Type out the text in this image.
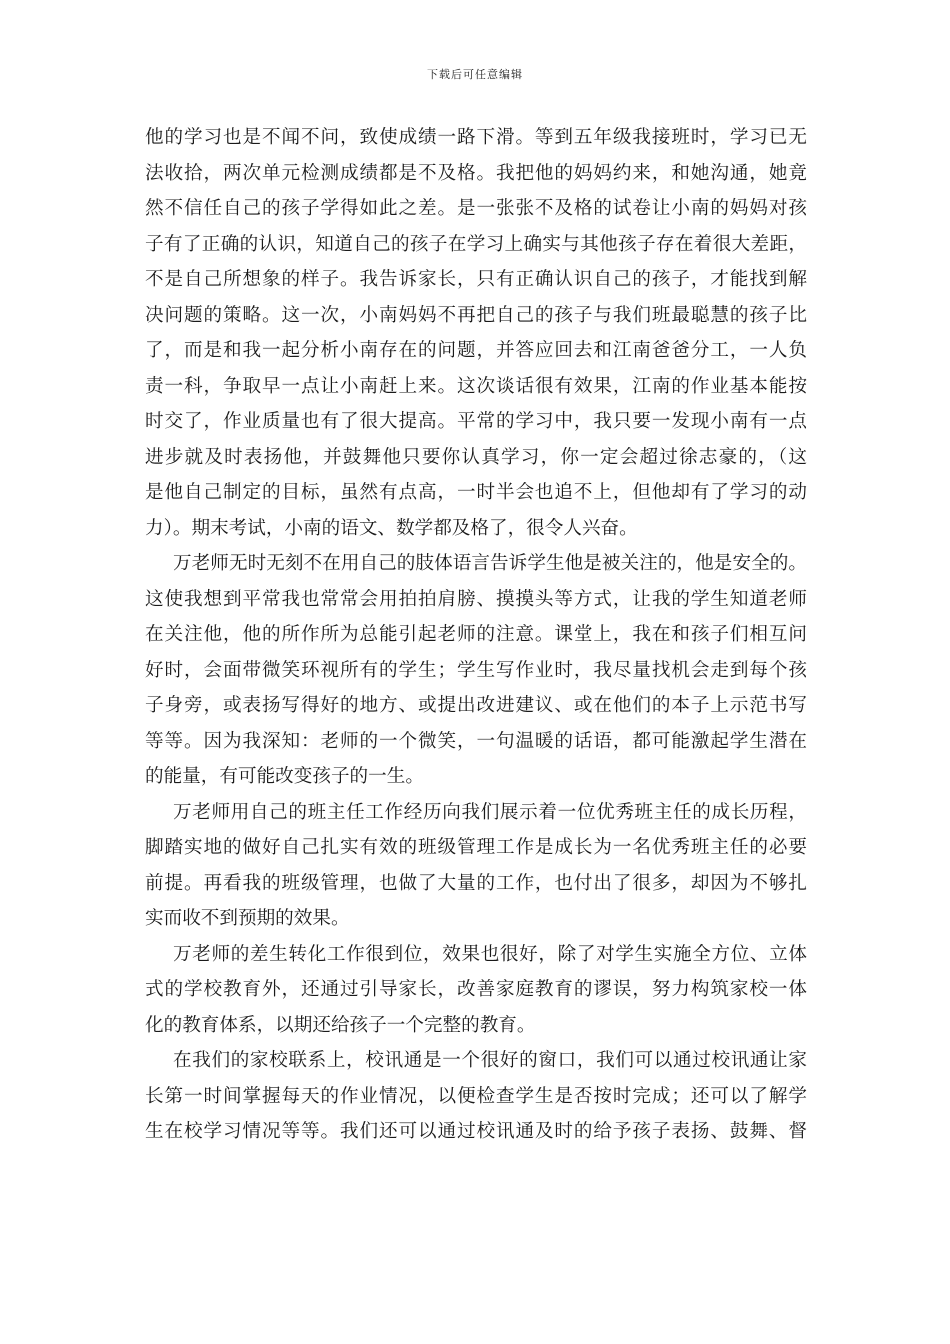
下载后可任意编辑
他的学习也是不闻不问，致使成绩一路下滑。等到五年级我接班时，学习已无
法收拾，两次单元检测成绩都是不及格。我把他的妈妈约来，和她沟通，她竟
然不信任自己的孩子学得如此之差。是一张张不及格的试卷让小南的妈妈对孩
子有了正确的认识，知道自己的孩子在学习上确实与其他孩子存在着很大差距，
不是自己所想象的样子。我告诉家长，只有正确认识自己的孩子，才能找到解
决问题的策略。这一次，小南妈妈不再把自己的孩子与我们班最聪慧的孩子比
了，而是和我一起分析小南存在的问题，并答应回去和江南爸爸分工，一人负
责一科，争取早一点让小南赶上来。这次谈话很有效果，江南的作业基本能按
时交了，作业质量也有了很大提高。平常的学习中，我只要一发现小南有一点
进步就及时表扬他，并鼓舞他只要你认真学习，你一定会超过徐志豪的，（这
是他自己制定的目标，虽然有点高，一时半会也追不上，但他却有了学习的动
力）。期末考试，小南的语文、数学都及格了，很令人兴奋。
万老师无时无刻不在用自己的肢体语言告诉学生他是被关注的，他是安全的。
这使我想到平常我也常常会用拍拍肩膀、摸摸头等方式，让我的学生知道老师
在关注他，他的所作所为总能引起老师的注意。课堂上，我在和孩子们相互问
好时，会面带微笑环视所有的学生；学生写作业时，我尽量找机会走到每个孩
子身旁，或表扬写得好的地方、或提出改进建议、或在他们的本子上示范书写
等等。因为我深知：老师的一个微笑，一句温暖的话语，都可能激起学生潜在
的能量，有可能改变孩子的一生。
万老师用自己的班主任工作经历向我们展示着一位优秀班主任的成长历程，
脚踏实地的做好自己扎实有效的班级管理工作是成长为一名优秀班主任的必要
前提。再看我的班级管理，也做了大量的工作，也付出了很多，却因为不够扎
实而收不到预期的效果。
万老师的差生转化工作很到位，效果也很好，除了对学生实施全方位、立体
式的学校教育外，还通过引导家长，改善家庭教育的谬误，努力构筑家校一体
化的教育体系，以期还给孩子一个完整的教育。
在我们的家校联系上，校讯通是一个很好的窗口，我们可以通过校讯通让家
长第一时间掌握每天的作业情况，以便检查学生是否按时完成；还可以了解学
生在校学习情况等等。我们还可以通过校讯通及时的给予孩子表扬、鼓舞、督
